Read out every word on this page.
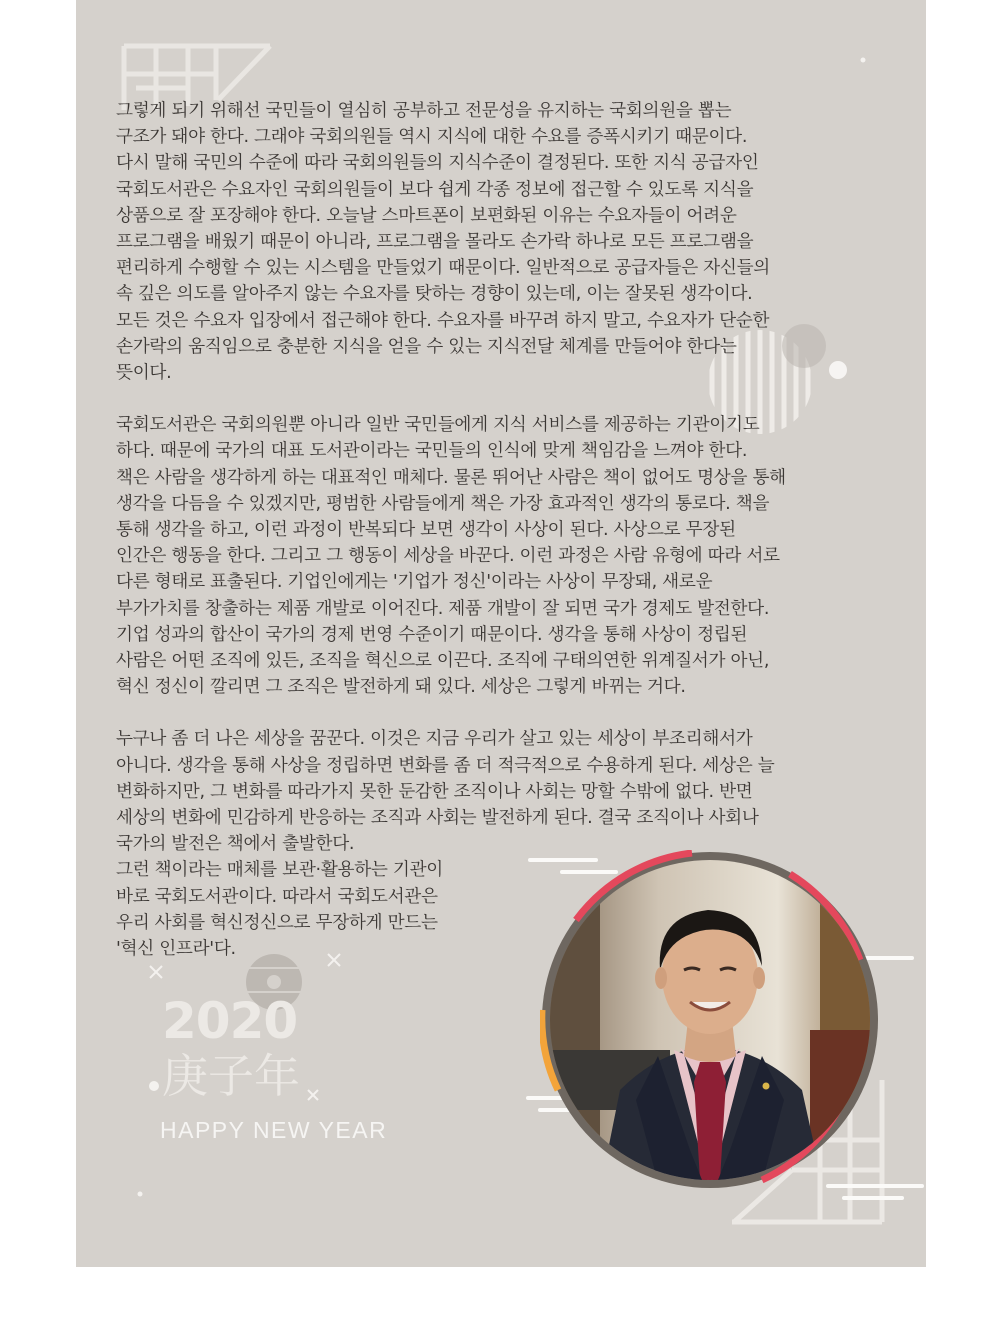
그렇게 되기 위해선 국민들이 열심히 공부하고 전문성을 유지하는 국회의원을 뽑는
구조가 돼야 한다. 그래야 국회의원들 역시 지식에 대한 수요를 증폭시키기 때문이다.
다시 말해 국민의 수준에 따라 국회의원들의 지식수준이 결정된다. 또한 지식 공급자인
국회도서관은 수요자인 국회의원들이 보다 쉽게 각종 정보에 접근할 수 있도록 지식을
상품으로 잘 포장해야 한다. 오늘날 스마트폰이 보편화된 이유는 수요자들이 어려운
프로그램을 배웠기 때문이 아니라, 프로그램을 몰라도 손가락 하나로 모든 프로그램을
편리하게 수행할 수 있는 시스템을 만들었기 때문이다. 일반적으로 공급자들은 자신들의
속 깊은 의도를 알아주지 않는 수요자를 탓하는 경향이 있는데, 이는 잘못된 생각이다.
모든 것은 수요자 입장에서 접근해야 한다. 수요자를 바꾸려 하지 말고, 수요자가 단순한
손가락의 움직임으로 충분한 지식을 얻을 수 있는 지식전달 체계를 만들어야 한다는
뜻이다.

국회도서관은 국회의원뿐 아니라 일반 국민들에게 지식 서비스를 제공하는 기관이기도
하다. 때문에 국가의 대표 도서관이라는 국민들의 인식에 맞게 책임감을 느껴야 한다.
책은 사람을 생각하게 하는 대표적인 매체다. 물론 뛰어난 사람은 책이 없어도 명상을 통해
생각을 다듬을 수 있겠지만, 평범한 사람들에게 책은 가장 효과적인 생각의 통로다. 책을
통해 생각을 하고, 이런 과정이 반복되다 보면 생각이 사상이 된다. 사상으로 무장된
인간은 행동을 한다. 그리고 그 행동이 세상을 바꾼다. 이런 과정은 사람 유형에 따라 서로
다른 형태로 표출된다. 기업인에게는 '기업가 정신'이라는 사상이 무장돼, 새로운
부가가치를 창출하는 제품 개발로 이어진다. 제품 개발이 잘 되면 국가 경제도 발전한다.
기업 성과의 합산이 국가의 경제 번영 수준이기 때문이다. 생각을 통해 사상이 정립된
사람은 어떤 조직에 있든, 조직을 혁신으로 이끈다. 조직에 구태의연한 위계질서가 아닌,
혁신 정신이 깔리면 그 조직은 발전하게 돼 있다. 세상은 그렇게 바뀌는 거다.

누구나 좀 더 나은 세상을 꿈꾼다. 이것은 지금 우리가 살고 있는 세상이 부조리해서가
아니다. 생각을 통해 사상을 정립하면 변화를 좀 더 적극적으로 수용하게 된다. 세상은 늘
변화하지만, 그 변화를 따라가지 못한 둔감한 조직이나 사회는 망할 수밖에 없다. 반면
세상의 변화에 민감하게 반응하는 조직과 사회는 발전하게 된다. 결국 조직이나 사회나
국가의 발전은 책에서 출발한다.

그런 책이라는 매체를 보관·활용하는 기관이
바로 국회도서관이다. 따라서 국회도서관은
우리 사회를 혁신정신으로 무장하게 만드는
'혁신 인프라'다.

2020
庚子年
HAPPY NEW YEAR
